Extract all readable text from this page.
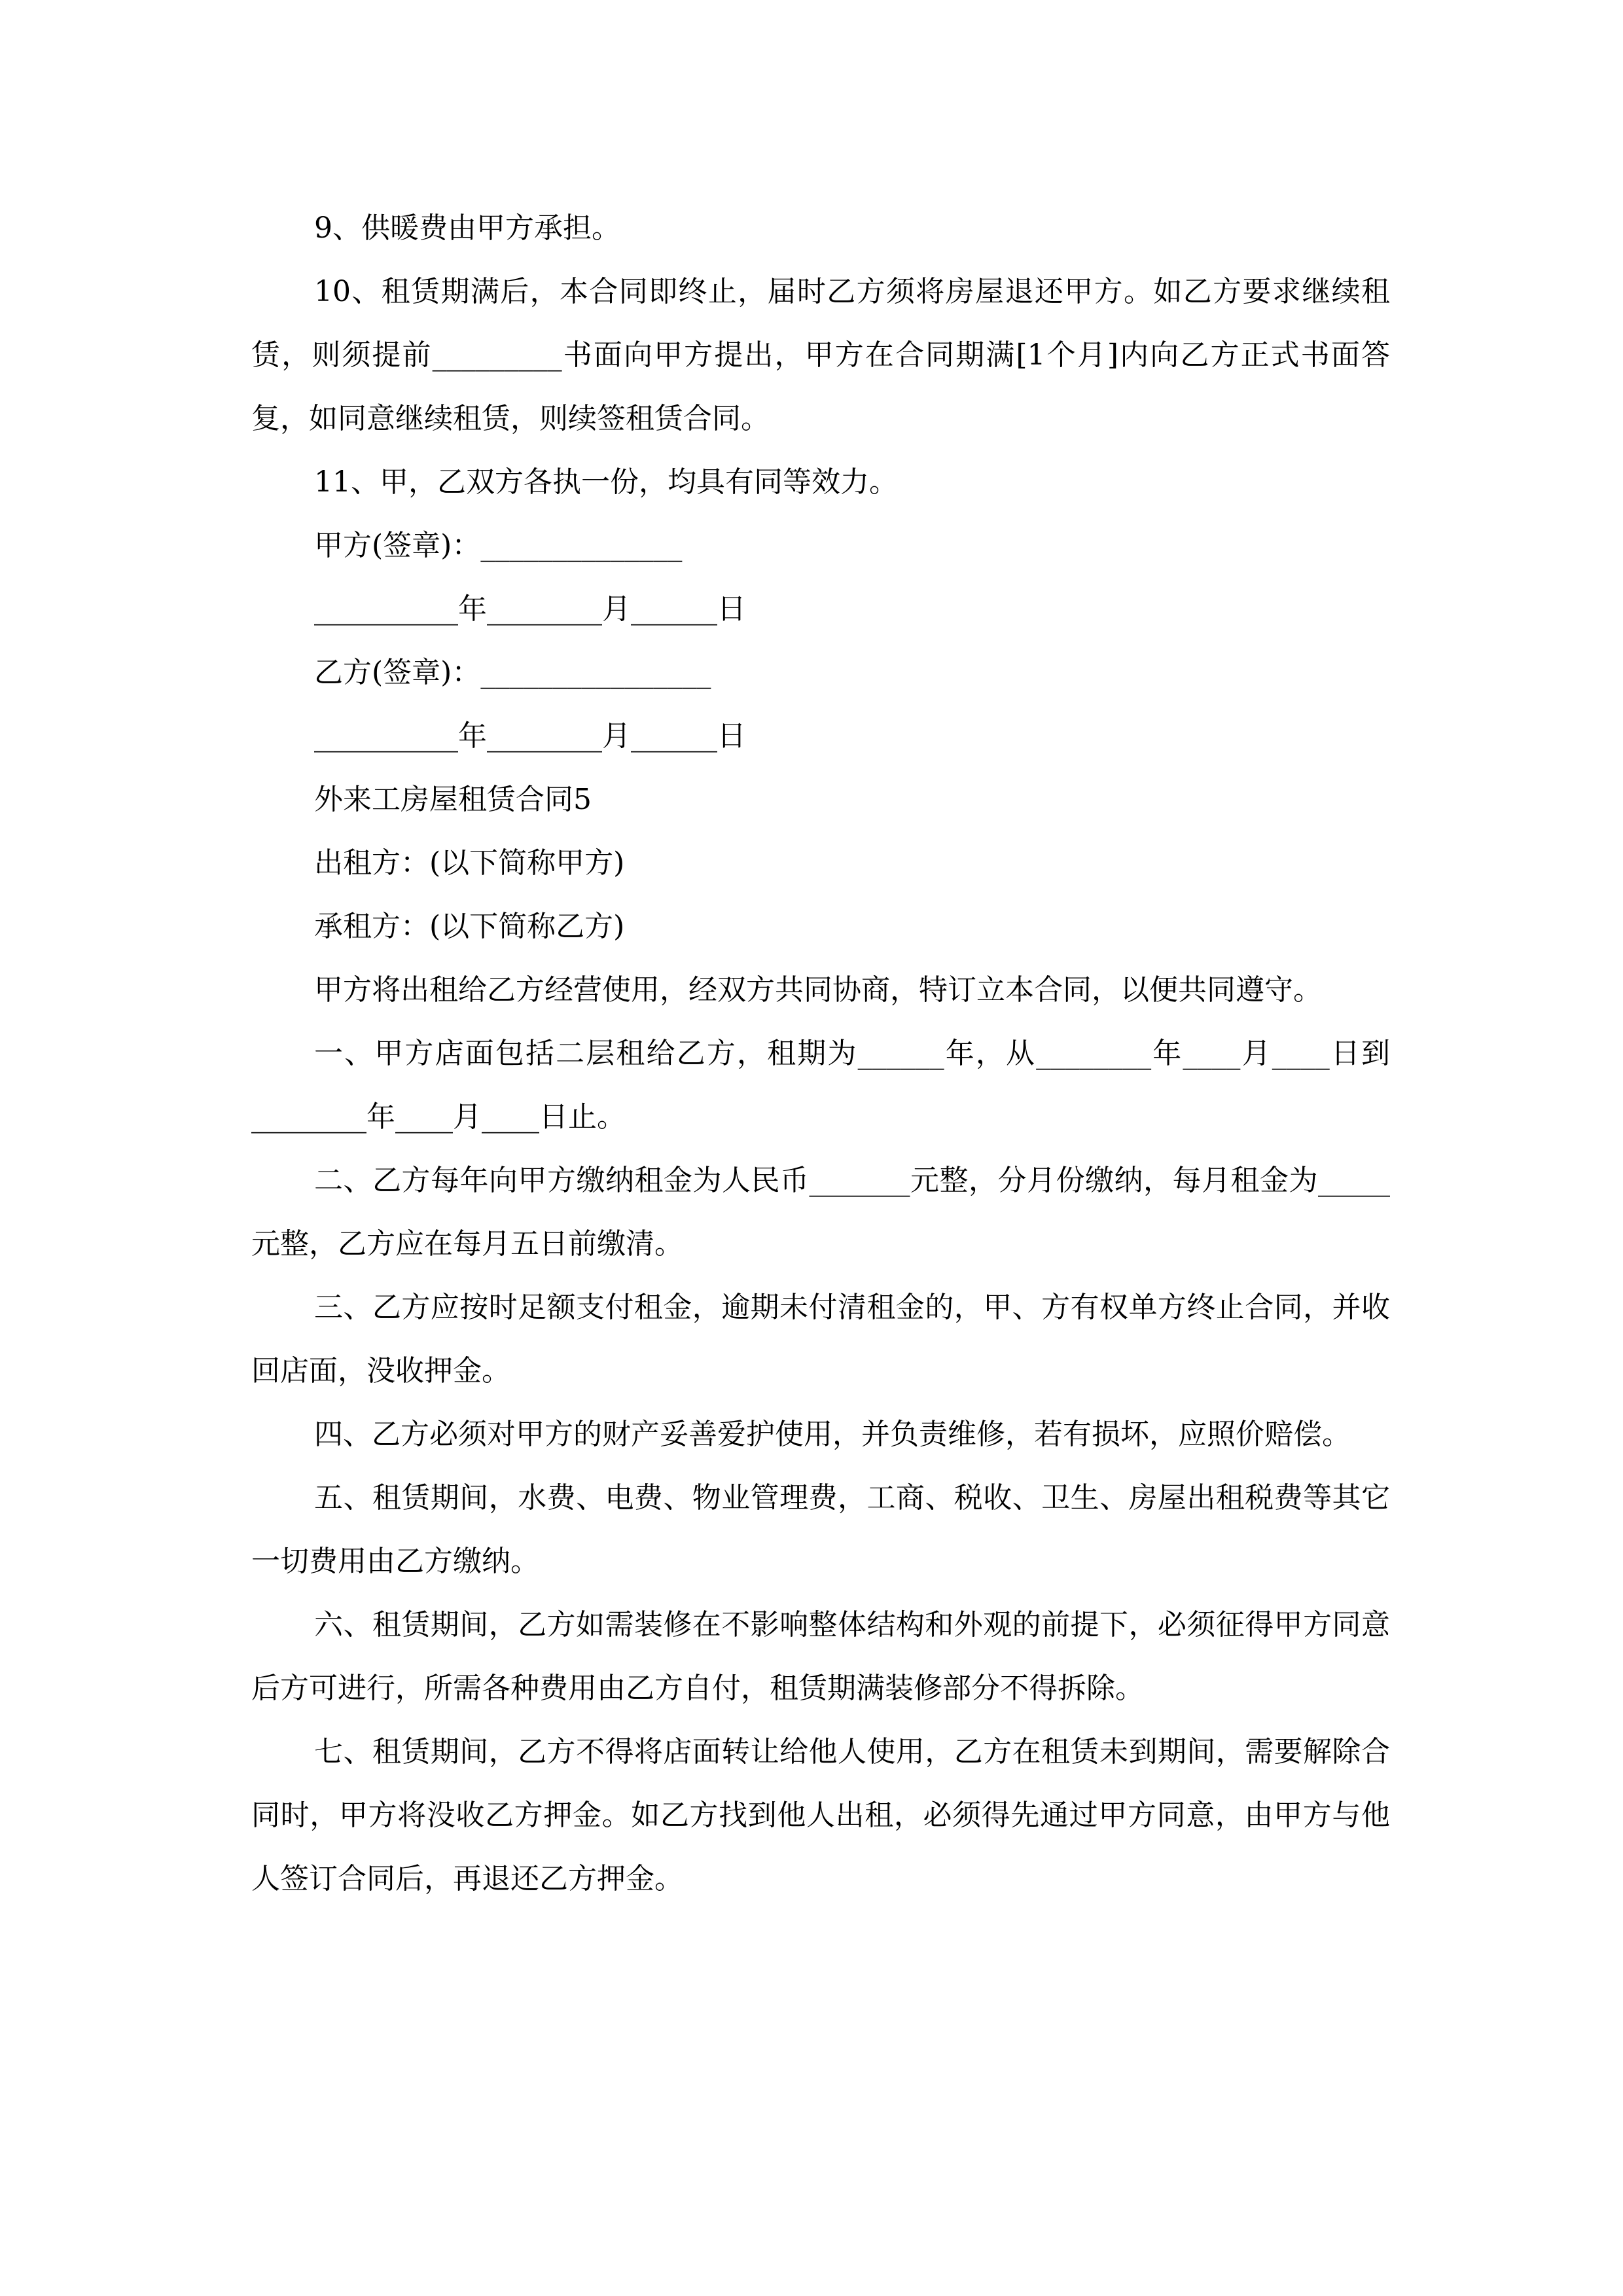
9、供暖费由甲方承担。

10、租赁期满后，本合同即终止，届时乙方须将房屋退还甲方。如乙方要求继续租赁，则须提前_________书面向甲方提出，甲方在合同期满[1个月]内向乙方正式书面答复，如同意继续租赁，则续签租赁合同。

11、甲，乙双方各执一份，均具有同等效力。

甲方(签章)：______________

__________年________月______日

乙方(签章)：________________

__________年________月______日

外来工房屋租赁合同5

出租方：(以下简称甲方)

承租方：(以下简称乙方)

甲方将出租给乙方经营使用，经双方共同协商，特订立本合同，以便共同遵守。

一、甲方店面包括二层租给乙方，租期为______年，从________年____月____日到________年____月____日止。

二、乙方每年向甲方缴纳租金为人民币_______元整，分月份缴纳，每月租金为_____元整，乙方应在每月五日前缴清。

三、乙方应按时足额支付租金，逾期未付清租金的，甲、方有权单方终止合同，并收回店面，没收押金。

四、乙方必须对甲方的财产妥善爱护使用，并负责维修，若有损坏，应照价赔偿。

五、租赁期间，水费、电费、物业管理费，工商、税收、卫生、房屋出租税费等其它一切费用由乙方缴纳。

六、租赁期间，乙方如需装修在不影响整体结构和外观的前提下，必须征得甲方同意后方可进行，所需各种费用由乙方自付，租赁期满装修部分不得拆除。

七、租赁期间，乙方不得将店面转让给他人使用，乙方在租赁未到期间，需要解除合同时，甲方将没收乙方押金。如乙方找到他人出租，必须得先通过甲方同意，由甲方与他人签订合同后，再退还乙方押金。
